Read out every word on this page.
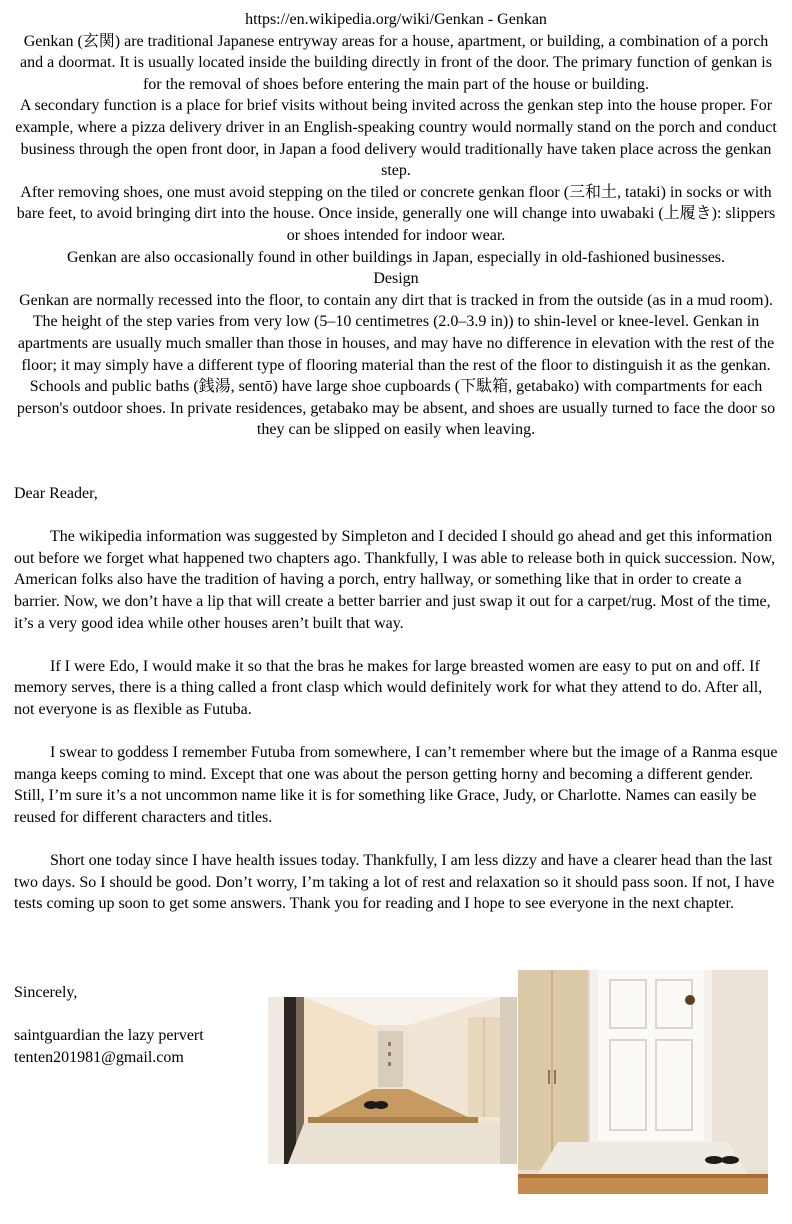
https://en.wikipedia.org/wiki/Genkan - Genkan

Genkan (玄関) are traditional Japanese entryway areas for a house, apartment, or building, a combination of a porch and a doormat. It is usually located inside the building directly in front of the door. The primary function of genkan is for the removal of shoes before entering the main part of the house or building.

A secondary function is a place for brief visits without being invited across the genkan step into the house proper. For example, where a pizza delivery driver in an English-speaking country would normally stand on the porch and conduct business through the open front door, in Japan a food delivery would traditionally have taken place across the genkan step.

After removing shoes, one must avoid stepping on the tiled or concrete genkan floor (三和土, tataki) in socks or with bare feet, to avoid bringing dirt into the house. Once inside, generally one will change into uwabaki (上履き): slippers or shoes intended for indoor wear.

Genkan are also occasionally found in other buildings in Japan, especially in old-fashioned businesses.

Design

Genkan are normally recessed into the floor, to contain any dirt that is tracked in from the outside (as in a mud room). The height of the step varies from very low (5–10 centimetres (2.0–3.9 in)) to shin-level or knee-level. Genkan in apartments are usually much smaller than those in houses, and may have no difference in elevation with the rest of the floor; it may simply have a different type of flooring material than the rest of the floor to distinguish it as the genkan.

Schools and public baths (銭湯, sentō) have large shoe cupboards (下駄箱, getabako) with compartments for each person's outdoor shoes. In private residences, getabako may be absent, and shoes are usually turned to face the door so they can be slipped on easily when leaving.

Dear Reader,

The wikipedia information was suggested by Simpleton and I decided I should go ahead and get this information out before we forget what happened two chapters ago. Thankfully, I was able to release both in quick succession. Now, American folks also have the tradition of having a porch, entry hallway, or something like that in order to create a barrier. Now, we don’t have a lip that will create a better barrier and just swap it out for a carpet/rug. Most of the time, it’s a very good idea while other houses aren’t built that way.

If I were Edo, I would make it so that the bras he makes for large breasted women are easy to put on and off. If memory serves, there is a thing called a front clasp which would definitely work for what they attend to do. After all, not everyone is as flexible as Futuba.

I swear to goddess I remember Futuba from somewhere, I can’t remember where but the image of a Ranma esque manga keeps coming to mind. Except that one was about the person getting horny and becoming a different gender. Still, I’m sure it’s a not uncommon name like it is for something like Grace, Judy, or Charlotte. Names can easily be reused for different characters and titles.

Short one today since I have health issues today. Thankfully, I am less dizzy and have a clearer head than the last two days. So I should be good. Don’t worry, I’m taking a lot of rest and relaxation so it should pass soon. If not, I have tests coming up soon to get some answers. Thank you for reading and I hope to see everyone in the next chapter.

Sincerely,

saintguardian the lazy pervert

tenten201981@gmail.com
